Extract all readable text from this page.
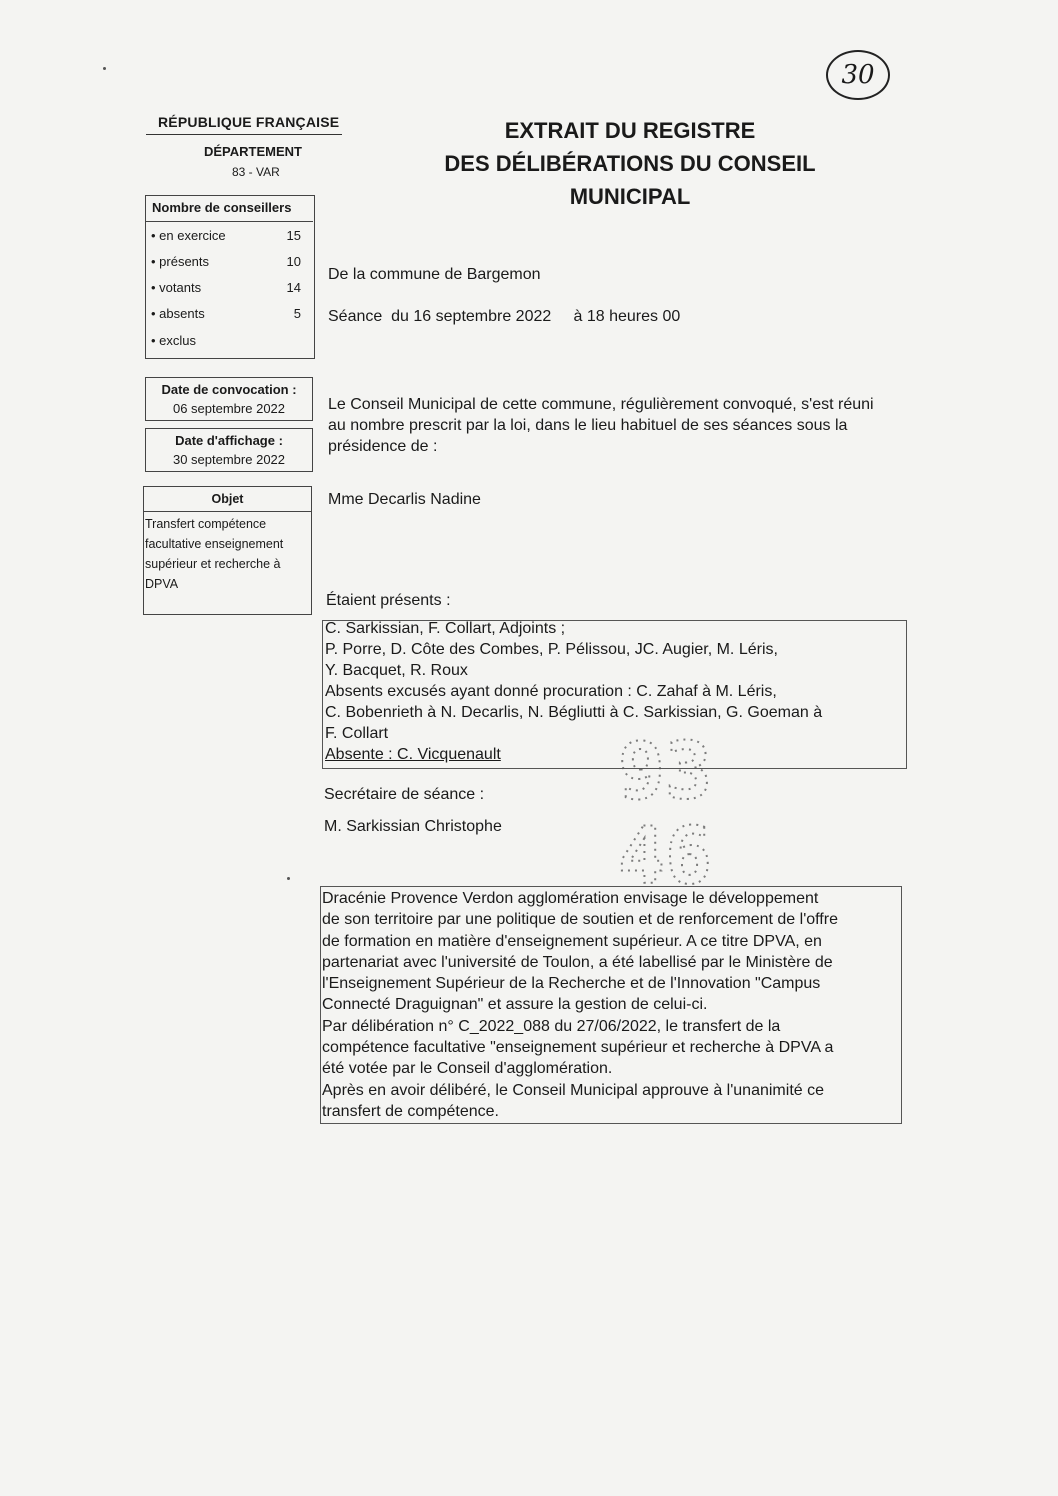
30
RÉPUBLIQUE FRANÇAISE
DÉPARTEMENT
83 - VAR
EXTRAIT DU REGISTRE
DES DÉLIBÉRATIONS DU CONSEIL
MUNICIPAL
Nombre de conseillers
• en exercice	15
• présents	10
• votants	14
• absents	5
• exclus
Date de convocation :
06 septembre 2022
Date d'affichage :
30 septembre 2022
Objet
Transfert compétence facultative enseignement supérieur et recherche à DPVA
De la commune de Bargemon
Séance  du 16 septembre 2022     à 18 heures 00
Le Conseil Municipal de cette commune, régulièrement convoqué, s'est réuni au nombre prescrit par la loi, dans le lieu habituel de ses séances sous la présidence de :
Mme Decarlis Nadine
Étaient présents :
C. Sarkissian, F. Collart, Adjoints ;
P. Porre, D. Côte des Combes, P. Pélissou, JC. Augier, M. Léris,
Y. Bacquet, R. Roux
Absents excusés ayant donné procuration : C. Zahaf à M. Léris,
C. Bobenrieth à N. Decarlis, N. Bégliutti à C. Sarkissian, G. Goeman à
F. Collart
Absente : C. Vicquenault
Secrétaire de séance :
M. Sarkissian Christophe
93
46
Dracénie Provence Verdon agglomération envisage le développement
de son territoire par une politique de soutien et de renforcement de l'offre
de formation en matière d'enseignement supérieur. A ce titre DPVA, en
partenariat avec l'université de Toulon, a été labellisé par le Ministère de
l'Enseignement Supérieur de la Recherche et de l'Innovation "Campus
Connecté Draguignan" et assure la gestion de celui-ci.
Par délibération n° C_2022_088 du 27/06/2022, le transfert de la
compétence facultative "enseignement supérieur et recherche à DPVA a
été votée par le Conseil d'agglomération.
Après en avoir délibéré, le Conseil Municipal approuve à l'unanimité ce
transfert de compétence.
